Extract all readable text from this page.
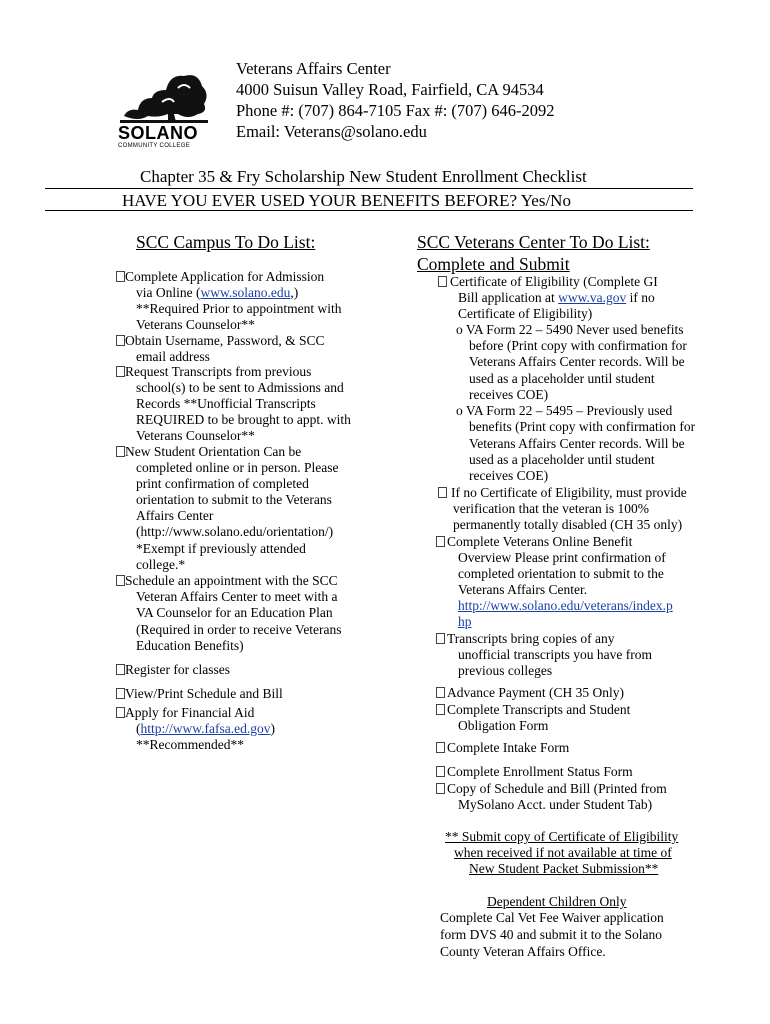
SOLANO
COMMUNITY COLLEGE
Veterans Affairs Center
4000 Suisun Valley Road, Fairfield, CA 94534
Phone #: (707) 864-7105 Fax #: (707) 646-2092
Email: Veterans@solano.edu
Chapter 35 & Fry Scholarship New Student Enrollment Checklist
HAVE YOU EVER USED YOUR BENEFITS BEFORE? Yes/No
SCC Campus To Do List:
Complete Application for Admission
via Online (www.solano.edu,)
**Required Prior to appointment with
Veterans Counselor**
Obtain Username, Password, & SCC
email address
Request Transcripts from previous
school(s) to be sent to Admissions and
Records **Unofficial Transcripts
REQUIRED to be brought to appt. with
Veterans Counselor**
New Student Orientation Can be
completed online or in person. Please
print confirmation of completed
orientation to submit to the Veterans
Affairs Center
(http://www.solano.edu/orientation/)
*Exempt if previously attended
college.*
Schedule an appointment with the SCC
Veteran Affairs Center to meet with a
VA Counselor for an Education Plan
(Required in order to receive Veterans
Education Benefits)
Register for classes
View/Print Schedule and Bill
Apply for Financial Aid
(http://www.fafsa.ed.gov)
**Recommended**
SCC Veterans Center To Do List:
Complete and Submit
Certificate of Eligibility (Complete GI
Bill application at www.va.gov if no
Certificate of Eligibility)
o VA Form 22 – 5490 Never used benefits
before (Print copy with confirmation for
Veterans Affairs Center records. Will be
used as a placeholder until student
receives COE)
o VA Form 22 – 5495 – Previously used
benefits (Print copy with confirmation for
Veterans Affairs Center records. Will be
used as a placeholder until student
receives COE)
If no Certificate of Eligibility, must provide
verification that the veteran is 100%
permanently totally disabled (CH 35 only)
Complete Veterans Online Benefit
Overview Please print confirmation of
completed orientation to submit to the
Veterans Affairs Center.
http://www.solano.edu/veterans/index.p
hp
Transcripts bring copies of any
unofficial transcripts you have from
previous colleges
Advance Payment (CH 35 Only)
Complete Transcripts and Student
Obligation Form
Complete Intake Form
Complete Enrollment Status Form
Copy of Schedule and Bill (Printed from
MySolano Acct. under Student Tab)
** Submit copy of Certificate of Eligibility
when received if not available at time of
New Student Packet Submission**
Dependent Children Only
Complete Cal Vet Fee Waiver application
form DVS 40 and submit it to the Solano
County Veteran Affairs Office.
